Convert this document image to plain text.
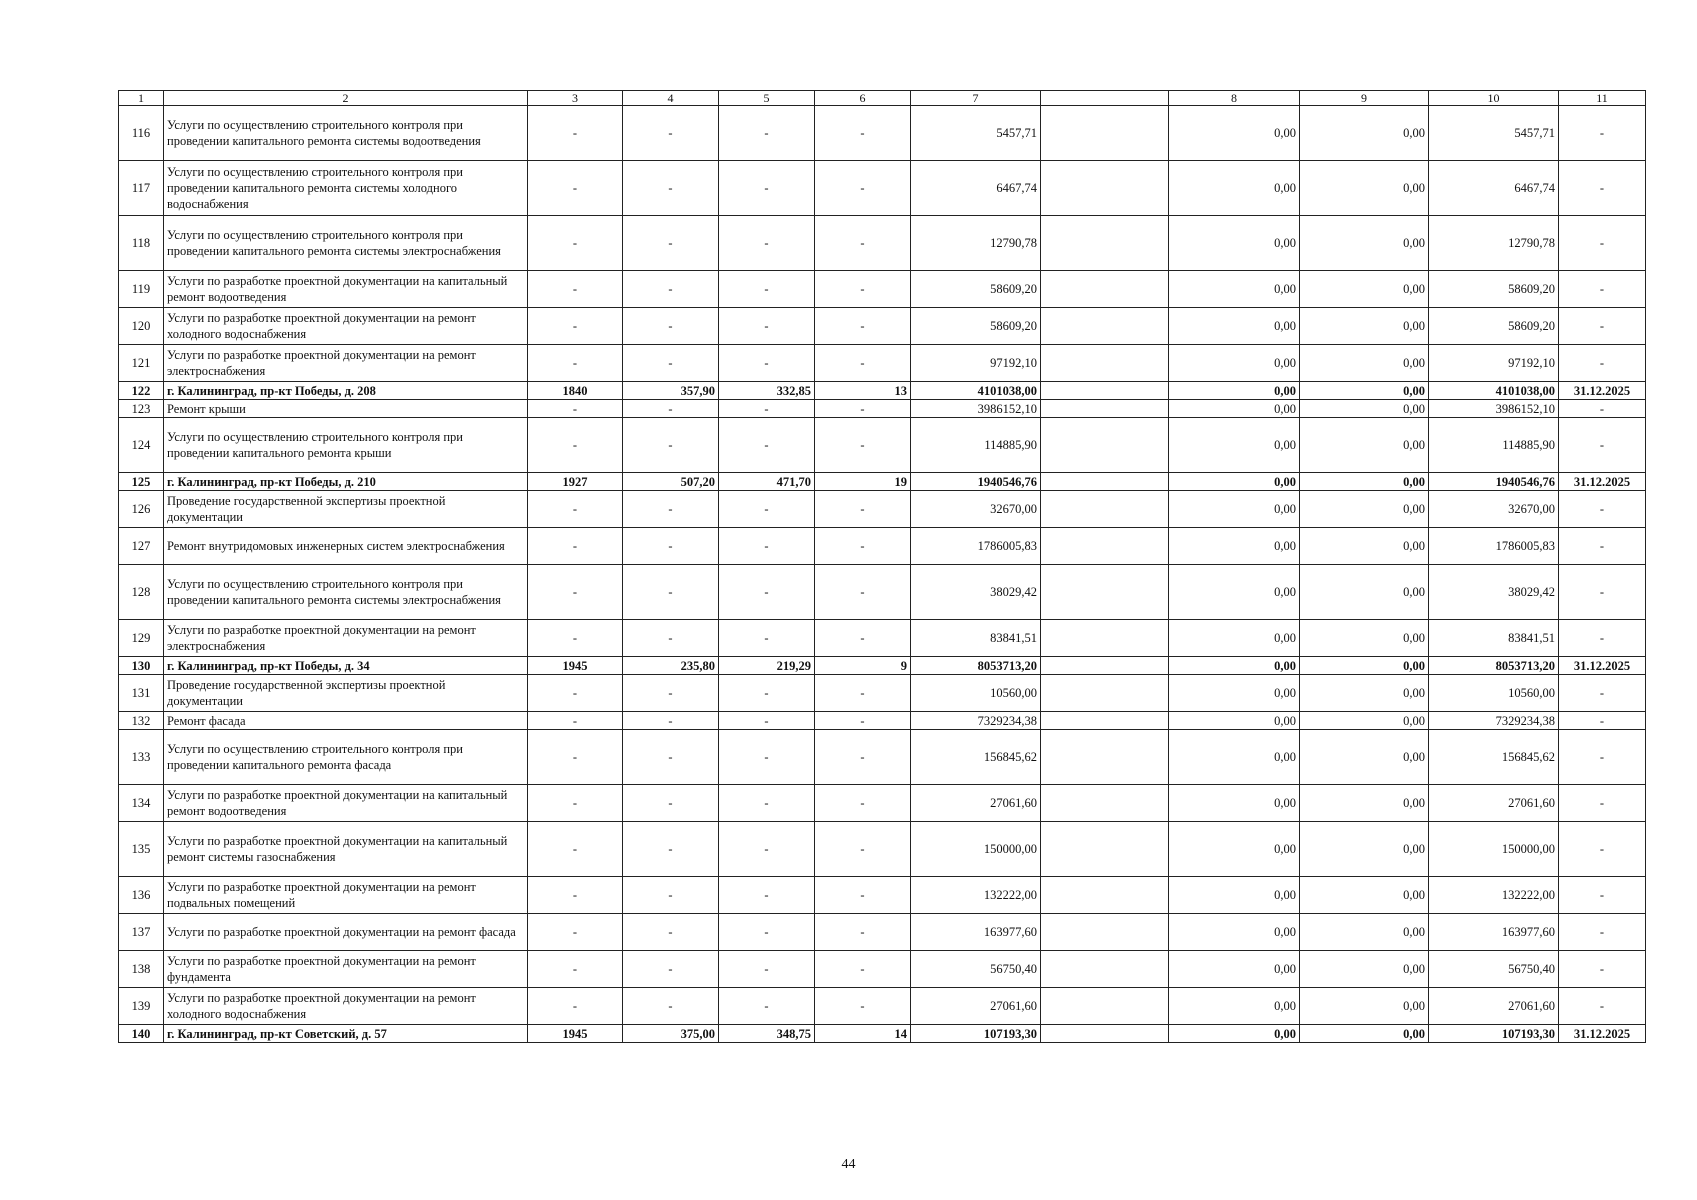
1	2	3	4	5	6	7		8	9	10	11
116	Услуги по осуществлению строительного контроля при проведении капитального ремонта системы водоотведения	-	-	-	-	5457,71		0,00	0,00	5457,71	-
117	Услуги по осуществлению строительного контроля при проведении капитального ремонта системы холодного водоснабжения	-	-	-	-	6467,74		0,00	0,00	6467,74	-
118	Услуги по осуществлению строительного контроля при проведении капитального ремонта системы электроснабжения	-	-	-	-	12790,78		0,00	0,00	12790,78	-
119	Услуги по разработке проектной документации на капитальный ремонт водоотведения	-	-	-	-	58609,20		0,00	0,00	58609,20	-
120	Услуги по разработке проектной документации на ремонт холодного водоснабжения	-	-	-	-	58609,20		0,00	0,00	58609,20	-
121	Услуги по разработке проектной документации на ремонт электроснабжения	-	-	-	-	97192,10		0,00	0,00	97192,10	-
122	г. Калининград, пр-кт Победы, д. 208	1840	357,90	332,85	13	4101038,00		0,00	0,00	4101038,00	31.12.2025
123	Ремонт крыши	-	-	-	-	3986152,10		0,00	0,00	3986152,10	-
124	Услуги по осуществлению строительного контроля при проведении капитального ремонта крыши	-	-	-	-	114885,90		0,00	0,00	114885,90	-
125	г. Калининград, пр-кт Победы, д. 210	1927	507,20	471,70	19	1940546,76		0,00	0,00	1940546,76	31.12.2025
126	Проведение государственной экспертизы проектной документации	-	-	-	-	32670,00		0,00	0,00	32670,00	-
127	Ремонт внутридомовых инженерных систем электроснабжения	-	-	-	-	1786005,83		0,00	0,00	1786005,83	-
128	Услуги по осуществлению строительного контроля при проведении капитального ремонта системы электроснабжения	-	-	-	-	38029,42		0,00	0,00	38029,42	-
129	Услуги по разработке проектной документации на ремонт электроснабжения	-	-	-	-	83841,51		0,00	0,00	83841,51	-
130	г. Калининград, пр-кт Победы, д. 34	1945	235,80	219,29	9	8053713,20		0,00	0,00	8053713,20	31.12.2025
131	Проведение государственной экспертизы проектной документации	-	-	-	-	10560,00		0,00	0,00	10560,00	-
132	Ремонт фасада	-	-	-	-	7329234,38		0,00	0,00	7329234,38	-
133	Услуги по осуществлению строительного контроля при проведении капитального ремонта фасада	-	-	-	-	156845,62		0,00	0,00	156845,62	-
134	Услуги по разработке проектной документации на капитальный ремонт водоотведения	-	-	-	-	27061,60		0,00	0,00	27061,60	-
135	Услуги по разработке проектной документации на капитальный ремонт системы газоснабжения	-	-	-	-	150000,00		0,00	0,00	150000,00	-
136	Услуги по разработке проектной документации на ремонт подвальных помещений	-	-	-	-	132222,00		0,00	0,00	132222,00	-
137	Услуги по разработке проектной документации на ремонт фасада	-	-	-	-	163977,60		0,00	0,00	163977,60	-
138	Услуги по разработке проектной документации на ремонт фундамента	-	-	-	-	56750,40		0,00	0,00	56750,40	-
139	Услуги по разработке проектной документации на ремонт холодного водоснабжения	-	-	-	-	27061,60		0,00	0,00	27061,60	-
140	г. Калининград, пр-кт Советский, д. 57	1945	375,00	348,75	14	107193,30		0,00	0,00	107193,30	31.12.2025
44
